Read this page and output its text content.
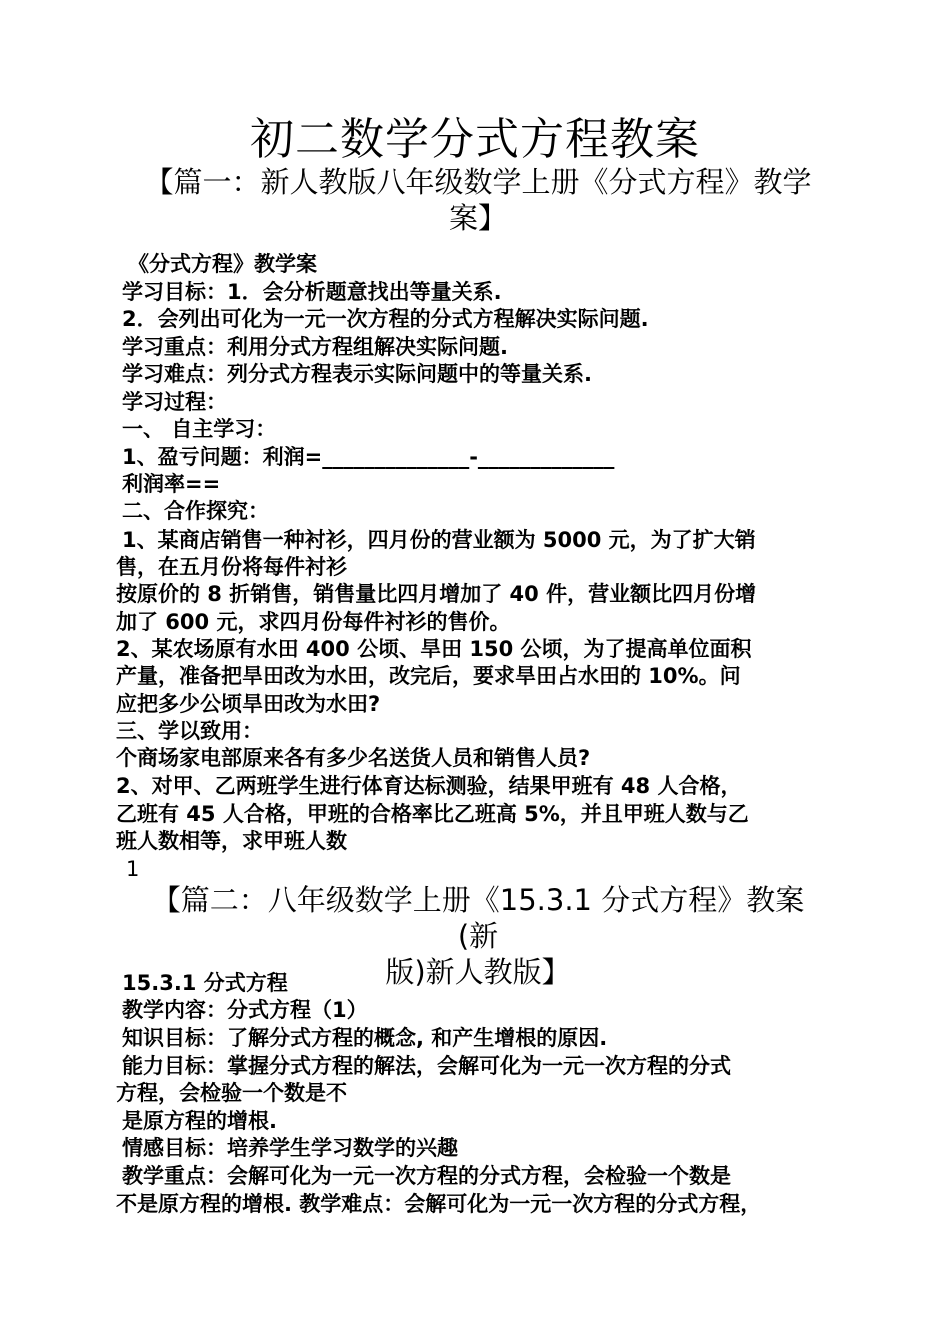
初二数学分式方程教案
【篇一：新人教版八年级数学上册《分式方程》教学
案】
《分式方程》教学案
学习目标：1．会分析题意找出等量关系.
2．会列出可化为一元一次方程的分式方程解决实际问题.
学习重点：利用分式方程组解决实际问题.
学习难点：列分式方程表示实际问题中的等量关系.
学习过程：
一、 自主学习：
1、盈亏问题：利润=______________-_____________
利润率==
二、合作探究：
1、某商店销售一种衬衫，四月份的营业额为 5000 元，为了扩大销
售，在五月份将每件衬衫
按原价的 8 折销售，销售量比四月增加了 40 件，营业额比四月份增
加了 600 元，求四月份每件衬衫的售价。
2、某农场原有水田 400 公顷、旱田 150 公顷，为了提高单位面积
产量，准备把旱田改为水田，改完后，要求旱田占水田的 10%。问
应把多少公顷旱田改为水田?
三、学以致用：
个商场家电部原来各有多少名送货人员和销售人员?
2、对甲、乙两班学生进行体育达标测验，结果甲班有 48 人合格，
乙班有 45 人合格，甲班的合格率比乙班高 5%，并且甲班人数与乙
班人数相等，求甲班人数
1
【篇二：八年级数学上册《15.3.1 分式方程》教案 (新
版)新人教版】
15.3.1 分式方程
教学内容：分式方程（1）
知识目标：了解分式方程的概念, 和产生增根的原因.
能力目标：掌握分式方程的解法，会解可化为一元一次方程的分式
方程，会检验一个数是不
是原方程的增根.
情感目标：培养学生学习数学的兴趣
教学重点：会解可化为一元一次方程的分式方程，会检验一个数是
不是原方程的增根. 教学难点：会解可化为一元一次方程的分式方程，
